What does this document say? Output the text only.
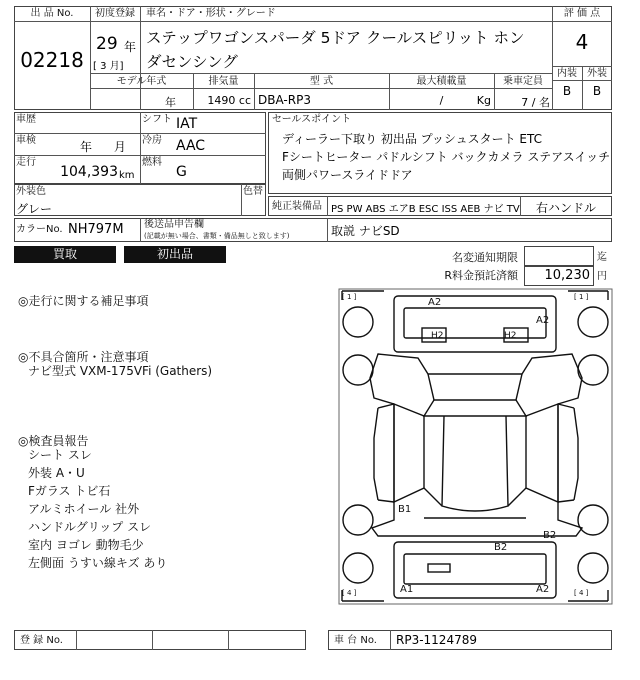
出 品 No.
02218
初度登録
29 年
[ 3 月]
車名・ドア・形状・グレード
ステップワゴンスパーダ 5ドア クールスピリット ホン
ダセンシング
評 価 点
4
内装	外装
B	B
モデル年式
年
排気量
1490 cc
型 式
DBA-RP3
最大積載量
/ Kg
乗車定員
7 / 名
車歴
車検	年 月
走行
104,393 km
シフト IAT
冷房 AAC
燃料
G
セールスポイント
ディーラー下取り 初出品 プッシュスタート ETC
Fシートヒーター パドルシフト バックカメラ ステアスイッチ
両側パワースライドドア
外装色
グレー
色替
純正装備品 PS PW ABS エアB ESC ISS AEB ナビ TV	右ハンドル
カラーNo. NH797M 後送品申告欄
(記載が無い場合、書類・備品無しと致します)	取説 ナビSD
買取	初出品	名変通知期限	迄
R料金預託済額	10,230 円
◎走行に関する補足事項
◎不具合箇所・注意事項
ナビ型式 VXM-175VFi (Gathers)
◎検査員報告
シート スレ
外装 A・U
Fガラス トビ石
アルミホイール 社外
ハンドルグリップ スレ
室内 ヨゴレ 動物毛少
左側面 うすい線キズ あり
[ 1 ]	[ 1 ]
[ 4 ]	[ 4 ]
A2
A2
H2	H2
B1
B2
B2
A1	A2
登 録 No.	車 台 No. RP3-1124789
